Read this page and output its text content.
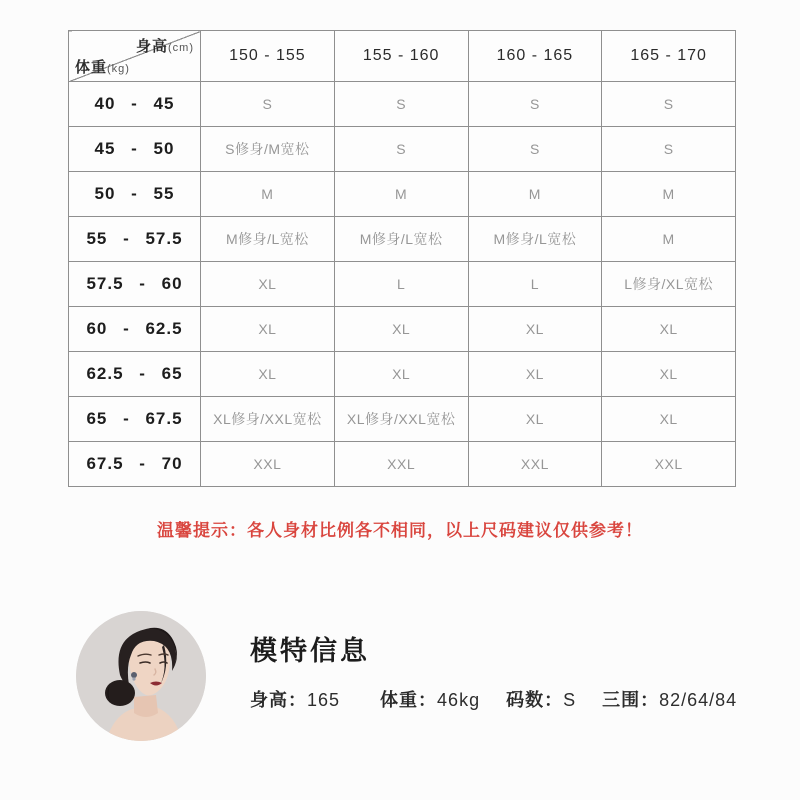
身高(cm)
体重(kg)	150 - 155	155 - 160	160 - 165	165 - 170
40 - 45	S	S	S	S
45 - 50	S修身/M宽松	S	S	S
50 - 55	M	M	M	M
55 - 57.5	M修身/L宽松	M修身/L宽松	M修身/L宽松	M
57.5 - 60	XL	L	L	L修身/XL宽松
60 - 62.5	XL	XL	XL	XL
62.5 - 65	XL	XL	XL	XL
65 - 67.5	XL修身/XXL宽松	XL修身/XXL宽松	XL	XL
67.5 - 70	XXL	XXL	XXL	XXL
温馨提示：各人身材比例各不相同，以上尺码建议仅供参考！
模特信息
身高：165 体重：46kg 码数：S 三围：82/64/84
